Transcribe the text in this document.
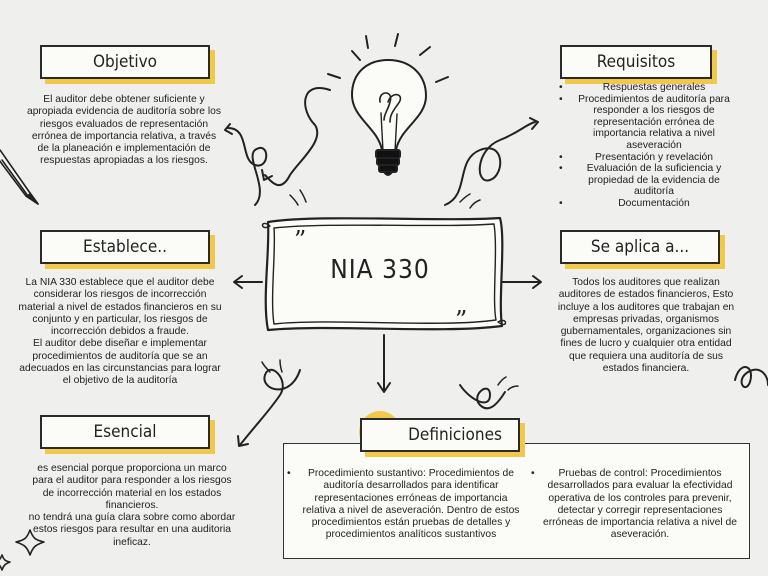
NIA 330
”
”
Objetivo
El auditor debe obtener suficiente y apropiada evidencia de auditoría sobre los riesgos evaluados de representación errónea de importancia relativa, a través de la planeación e implementación de respuestas apropiadas a los riesgos.
Requisitos
• Respuestas generales
• Procedimientos de auditoría para responder a los riesgos de representación errónea de importancia relativa a nivel aseveración
• Presentación y revelación
• Evaluación de la suficiencia y propiedad de la evidencia de auditoría
• Documentación
Establece..

La NIA 330 establece que el auditor debe considerar los riesgos de incorrección material a nivel de estados financieros en su conjunto y en particular, los riesgos de incorrección debidos a fraude.

El auditor debe diseñar e implementar procedimientos de auditoría que se an adecuados en las circunstancias para lograr el objetivo de la auditoría

Se aplica a...
Todos los auditores que realizan auditores de estados financieros, Esto incluye a los auditores que trabajan en empresas privadas, organismos gubernamentales, organizaciones sin fines de lucro y cualquier otra entidad que requiera una auditoría de sus estados financiera.
Esencial

es esencial porque proporciona un marco para el auditor para responder a los riesgos de incorrección material en los estados financieros.

no tendrá una guía clara sobre como abordar estos riesgos para resultar en una auditoria ineficaz.

Definiciones
• Procedimiento sustantivo: Procedimientos de auditoría desarrollados para identificar representaciones erróneas de importancia relativa a nivel de aseveración. Dentro de estos procedimientos están pruebas de detalles y procedimientos analíticos sustantivos
• Pruebas de control: Procedimientos desarrollados para evaluar la efectividad operativa de los controles para prevenir, detectar y corregir representaciones erróneas de importancia relativa a nivel de aseveración.
